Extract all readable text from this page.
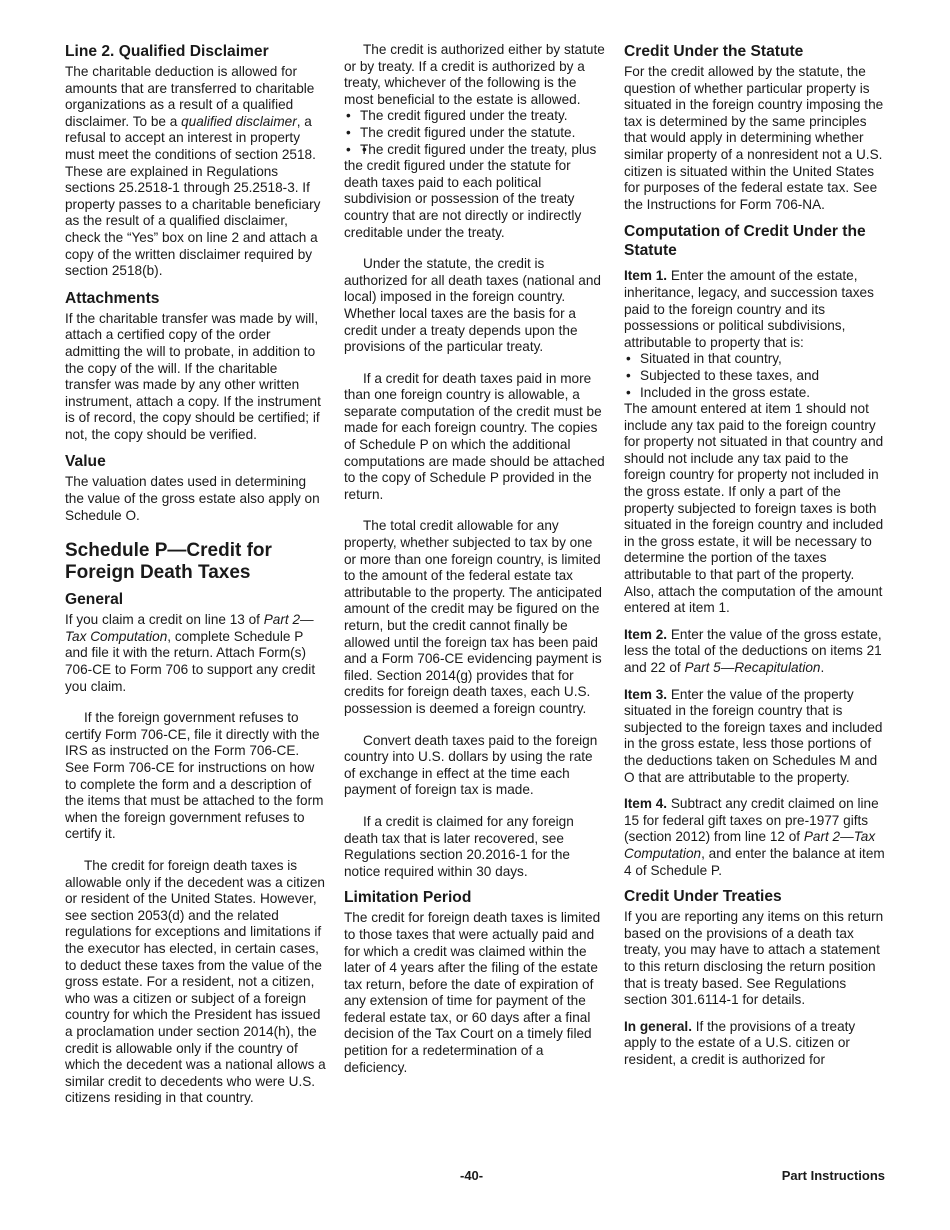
Line 2. Qualified Disclaimer

The charitable deduction is allowed for amounts that are transferred to charitable organizations as a result of a qualified disclaimer. To be a qualified disclaimer, a refusal to accept an interest in property must meet the conditions of section 2518. These are explained in Regulations sections 25.2518-1 through 25.2518-3. If property passes to a charitable beneficiary as the result of a qualified disclaimer, check the “Yes” box on line 2 and attach a copy of the written disclaimer required by section 2518(b).

Attachments

If the charitable transfer was made by will, attach a certified copy of the order admitting the will to probate, in addition to the copy of the will. If the charitable transfer was made by any other written instrument, attach a copy. If the instrument is of record, the copy should be certified; if not, the copy should be verified.

Value

The valuation dates used in determining the value of the gross estate also apply on Schedule O.

Schedule P—Credit for Foreign Death Taxes
General

If you claim a credit on line 13 of Part 2—Tax Computation, complete Schedule P and file it with the return. Attach Form(s) 706-CE to Form 706 to support any credit you claim.

If the foreign government refuses to certify Form 706-CE, file it directly with the IRS as instructed on the Form 706-CE. See Form 706-CE for instructions on how to complete the form and a description of the items that must be attached to the form when the foreign government refuses to certify it.

The credit for foreign death taxes is allowable only if the decedent was a citizen or resident of the United States. However, see section 2053(d) and the related regulations for exceptions and limitations if the executor has elected, in certain cases, to deduct these taxes from the value of the gross estate. For a resident, not a citizen, who was a citizen or subject of a foreign country for which the President has issued a proclamation under section 2014(h), the credit is allowable only if the country of which the decedent was a national allows a similar credit to decedents who were U.S. citizens residing in that country.

The credit is authorized either by statute or by treaty. If a credit is authorized by a treaty, whichever of the following is the most beneficial to the estate is allowed.

• The credit figured under the treaty.
• The credit figured under the statute.
• • The credit figured under the treaty, plus the credit figured under the statute for death taxes paid to each political subdivision or possession of the treaty country that are not directly or indirectly creditable under the treaty.

Under the statute, the credit is authorized for all death taxes (national and local) imposed in the foreign country. Whether local taxes are the basis for a credit under a treaty depends upon the provisions of the particular treaty.

If a credit for death taxes paid in more than one foreign country is allowable, a separate computation of the credit must be made for each foreign country. The copies of Schedule P on which the additional computations are made should be attached to the copy of Schedule P provided in the return.

The total credit allowable for any property, whether subjected to tax by one or more than one foreign country, is limited to the amount of the federal estate tax attributable to the property. The anticipated amount of the credit may be figured on the return, but the credit cannot finally be allowed until the foreign tax has been paid and a Form 706-CE evidencing payment is filed. Section 2014(g) provides that for credits for foreign death taxes, each U.S. possession is deemed a foreign country.

Convert death taxes paid to the foreign country into U.S. dollars by using the rate of exchange in effect at the time each payment of foreign tax is made.

If a credit is claimed for any foreign death tax that is later recovered, see Regulations section 20.2016-1 for the notice required within 30 days.

Limitation Period

The credit for foreign death taxes is limited to those taxes that were actually paid and for which a credit was claimed within the later of 4 years after the filing of the estate tax return, before the date of expiration of any extension of time for payment of the federal estate tax, or 60 days after a final decision of the Tax Court on a timely filed petition for a redetermination of a deficiency.

Credit Under the Statute

For the credit allowed by the statute, the question of whether particular property is situated in the foreign country imposing the tax is determined by the same principles that would apply in determining whether similar property of a nonresident not a U.S. citizen is situated within the United States for purposes of the federal estate tax. See the Instructions for Form 706-NA.

Computation of Credit Under the Statute

Item 1. Enter the amount of the estate, inheritance, legacy, and succession taxes paid to the foreign country and its possessions or political subdivisions, attributable to property that is:

• Situated in that country,
• Subjected to these taxes, and
• Included in the gross estate.

The amount entered at item 1 should not include any tax paid to the foreign country for property not situated in that country and should not include any tax paid to the foreign country for property not included in the gross estate. If only a part of the property subjected to foreign taxes is both situated in the foreign country and included in the gross estate, it will be necessary to determine the portion of the taxes attributable to that part of the property. Also, attach the computation of the amount entered at item 1.

Item 2. Enter the value of the gross estate, less the total of the deductions on items 21 and 22 of Part 5—Recapitulation.

Item 3. Enter the value of the property situated in the foreign country that is subjected to the foreign taxes and included in the gross estate, less those portions of the deductions taken on Schedules M and O that are attributable to the property.

Item 4. Subtract any credit claimed on line 15 for federal gift taxes on pre-1977 gifts (section 2012) from line 12 of Part 2—Tax Computation, and enter the balance at item 4 of Schedule P.

Credit Under Treaties

If you are reporting any items on this return based on the provisions of a death tax treaty, you may have to attach a statement to this return disclosing the return position that is treaty based. See Regulations section 301.6114-1 for details.

In general. If the provisions of a treaty apply to the estate of a U.S. citizen or resident, a credit is authorized for

-40-	Part Instructions
